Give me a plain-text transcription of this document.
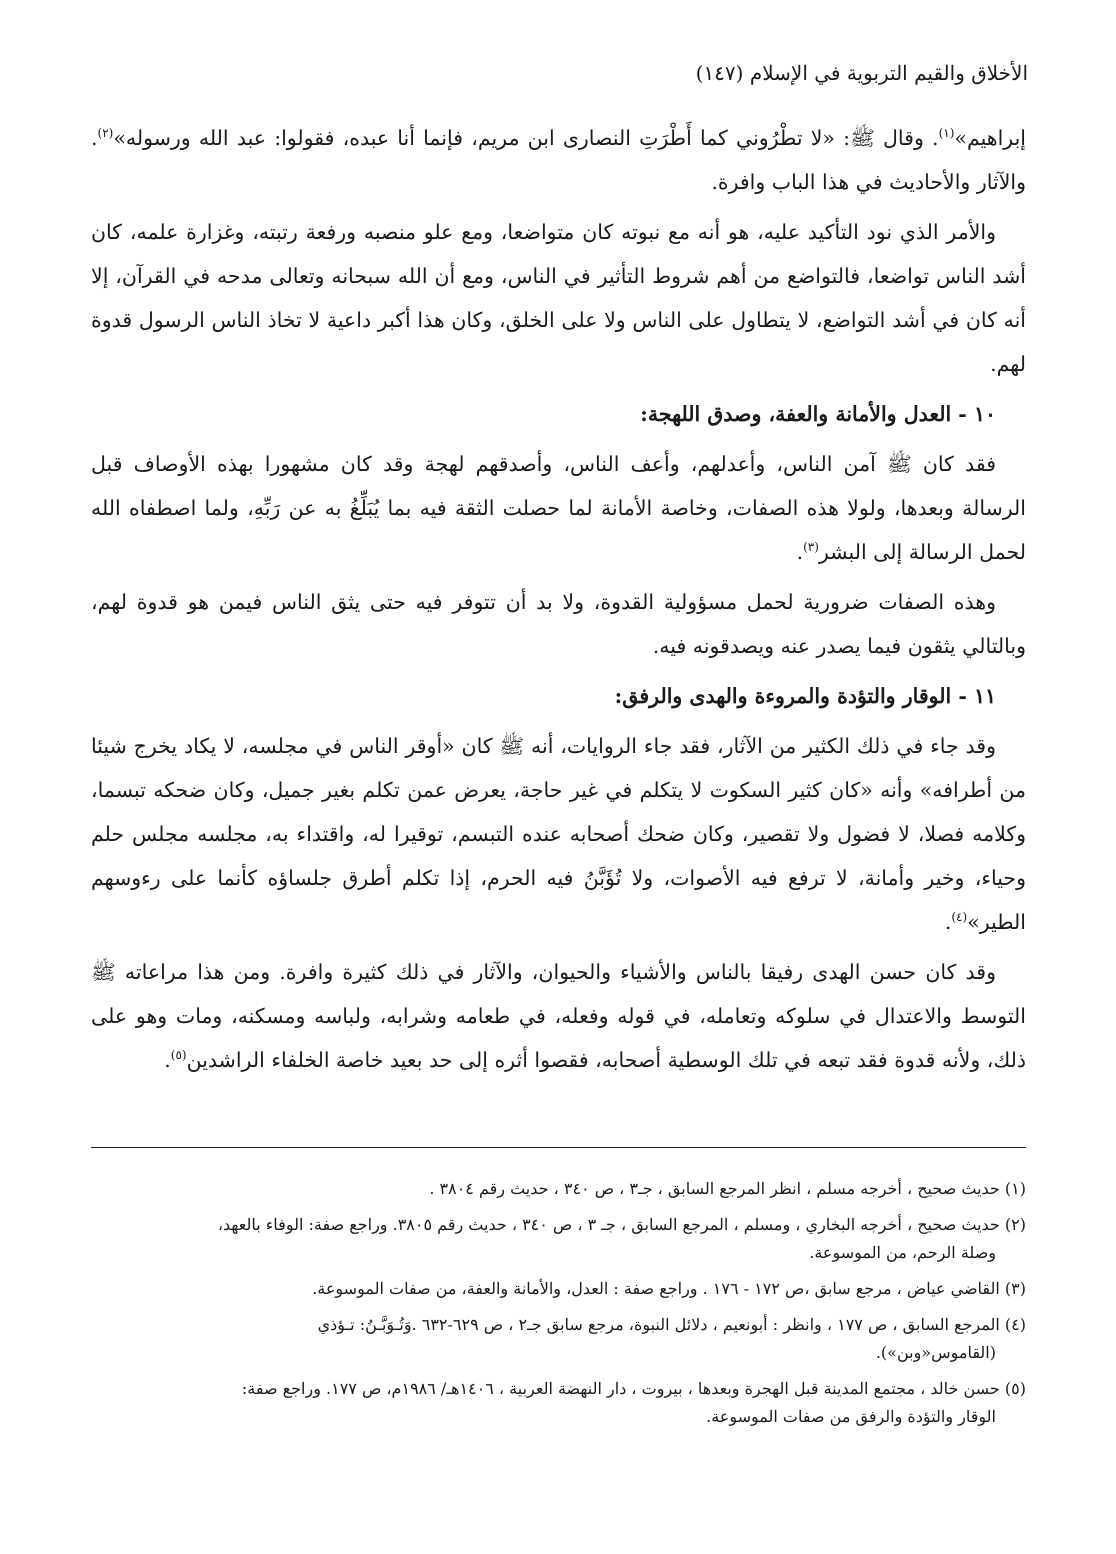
الأخلاق والقيم التربوية في الإسلام (١٤٧)

إبراهيم»$^{(١)}$. وقال ﷺ: «لا تطْرُوني كما أَطْرَتِ النصارى ابن مريم، فإنما أنا عبده، فقولوا: عبد الله ورسوله»$^{(٢)}$. والآثار والأحاديث في هذا الباب وافرة.

والأمر الذي نود التأكيد عليه، هو أنه مع نبوته كان متواضعا، ومع علو منصبه ورفعة رتبته، وغزارة علمه، كان أشد الناس تواضعا، فالتواضع من أهم شروط التأثير في الناس، ومع أن الله سبحانه وتعالى مدحه في القرآن، إلا أنه كان في أشد التواضع، لا يتطاول على الناس ولا على الخلق، وكان هذا أكبر داعية لا تخاذ الناس الرسول قدوة لهم.

١٠ - العدل والأمانة والعفة، وصدق اللهجة:

فقد كان ﷺ آمن الناس، وأعدلهم، وأعف الناس، وأصدقهم لهجة وقد كان مشهورا بهذه الأوصاف قبل الرسالة وبعدها، ولولا هذه الصفات، وخاصة الأمانة لما حصلت الثقة فيه بما يُبَلِّغُ به عن رَبِّهِ، ولما اصطفاه الله لحمل الرسالة إلى البشر$^{(٣)}$.

وهذه الصفات ضرورية لحمل مسؤولية القدوة، ولا بد أن تتوفر فيه حتى يثق الناس فيمن هو قدوة لهم، وبالتالي يثقون فيما يصدر عنه ويصدقونه فيه.

١١ - الوقار والتؤدة والمروءة والهدى والرفق:

وقد جاء في ذلك الكثير من الآثار، فقد جاء الروايات، أنه ﷺ كان «أوقر الناس في مجلسه، لا يكاد يخرج شيئا من أطرافه» وأنه «كان كثير السكوت لا يتكلم في غير حاجة، يعرض عمن تكلم بغير جميل، وكان ضحكه تبسما، وكلامه فصلا، لا فضول ولا تقصير، وكان ضحك أصحابه عنده التبسم، توقيرا له، واقتداء به، مجلسه مجلس حلم وحياء، وخير وأمانة، لا ترفع فيه الأصوات، ولا تُؤَبَّنُ فيه الحرم، إذا تكلم أطرق جلساؤه كأنما على رءوسهم الطير»$^{(٤)}$.

وقد كان حسن الهدى رفيقا بالناس والأشياء والحيوان، والآثار في ذلك كثيرة وافرة. ومن هذا مراعاته ﷺ التوسط والاعتدال في سلوكه وتعامله، في قوله وفعله، في طعامه وشرابه، ولباسه ومسكنه، ومات وهو على ذلك، ولأنه قدوة فقد تبعه في تلك الوسطية أصحابه، فقصوا أثره إلى حد بعيد خاصة الخلفاء الراشدين$^{(٥)}$.

(١) حديث صحيح ، أخرجه مسلم ، انظر المرجع السابق ، جـ٣ ، ص ٣٤٠ ، حديث رقم ٣٨٠٤ .

(٢) حديث صحيح ، أخرجه البخاري ، ومسلم ، المرجع السابق ، جـ ٣ ، ص ٣٤٠ ، حديث رقم ٣٨٠٥. وراجع صفة: الوفاء بالعهد،
وصلة الرحم، من الموسوعة.

(٣) القاضي عياض ، مرجع سابق ،ص ١٧٢ - ١٧٦ . وراجع صفة : العدل، والأمانة والعفة، من صفات الموسوعة.

(٤) المرجع السابق ، ص ١٧٧ ، وانظر : أبونعيم ، دلائل النبوة، مرجع سابق جـ٢ ، ص ٦٢٩-٦٣٢ .وَتُـوَبَّـنُ: تـؤذي
(القاموس«وبن»).

(٥) حسن خالد ، مجتمع المدينة قبل الهجرة وبعدها ، بيروت ، دار النهضة العربية ، ١٤٠٦هـ/ ١٩٨٦م، ص ١٧٧. وراجع صفة:
الوقار والتؤدة والرفق من صفات الموسوعة.
